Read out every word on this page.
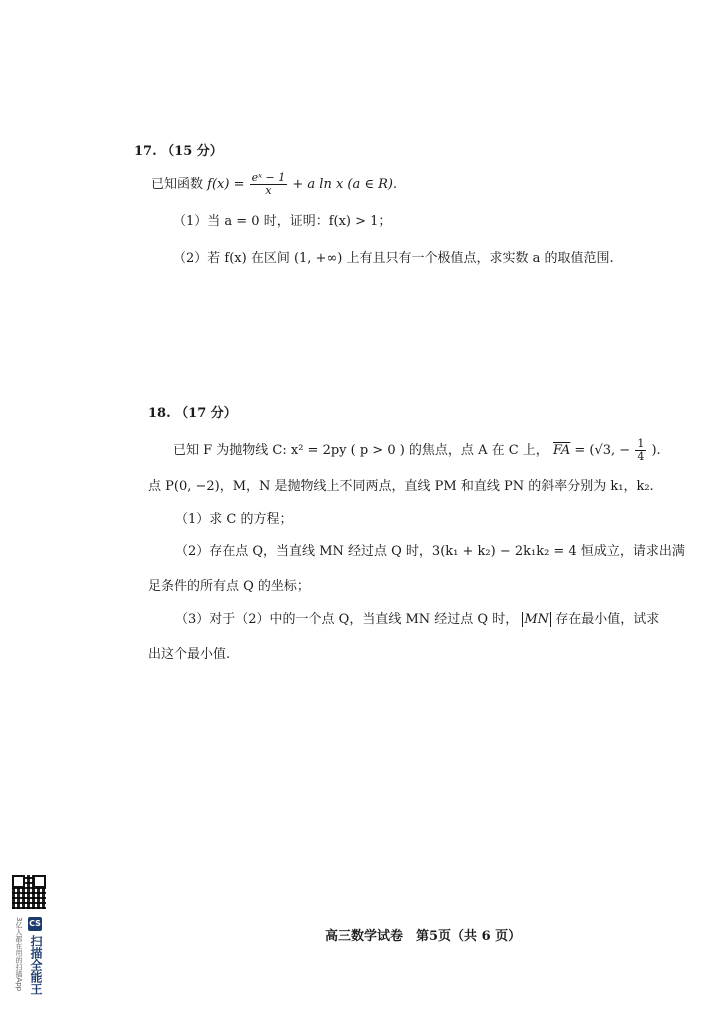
17. （15 分）
已知函数 $f(x) = \frac{\text{eˣ − 1}}{x} + a$ ln x (a ∈ R).
（1）当 a = 0 时，证明：f(x) > 1；
（2）若 f(x) 在区间 (1, +∞) 上有且只有一个极值点，求实数 a 的取值范围.
18. （17 分）
已知 F 为抛物线 C: x² = 2py ( p > 0 ) 的焦点，点 A 在 C 上， $\overline{FA} = (√3$, − $\frac{1}{4}$ ).
点 P(0, −2)，M，N 是抛物线上不同两点，直线 PM 和直线 PN 的斜率分别为 k₁，k₂.
（1）求 C 的方程；
（2）存在点 Q，当直线 MN 经过点 Q 时，3(k₁ + k₂) − 2k₁k₂ = 4 恒成立，请求出满
足条件的所有点 Q 的坐标；
（3）对于（2）中的一个点 Q，当直线 MN 经过点 Q 时， MN 存在最小值，试求
出这个最小值.
高三数学试卷　第5页（共 6 页）
CS
扫描全能王
3亿人都在用的扫描App
